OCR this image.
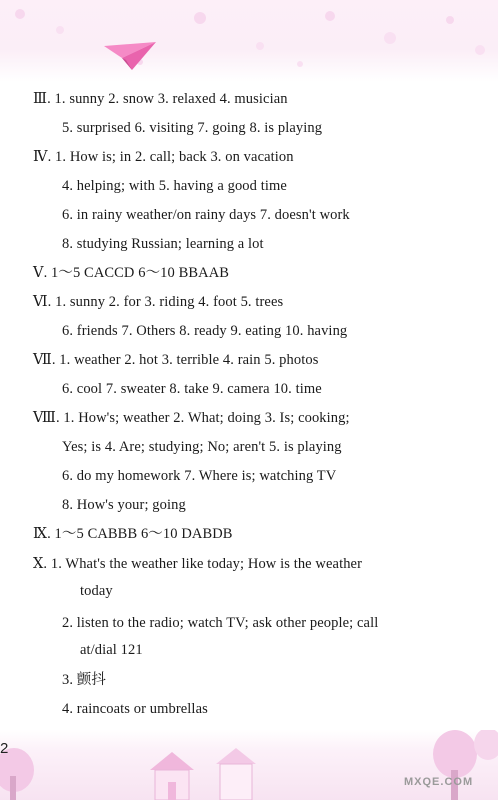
Ⅲ. 1. sunny 2. snow 3. relaxed 4. musician
5. surprised 6. visiting 7. going 8. is playing
Ⅳ. 1. How is; in 2. call; back 3. on vacation
4. helping; with 5. having a good time
6. in rainy weather/on rainy days 7. doesn't work
8. studying Russian; learning a lot
Ⅴ. 1～5 CACCD 6～10 BBAAB
Ⅵ. 1. sunny 2. for 3. riding 4. foot 5. trees
6. friends 7. Others 8. ready 9. eating 10. having
Ⅶ. 1. weather 2. hot 3. terrible 4. rain 5. photos
6. cool 7. sweater 8. take 9. camera 10. time
Ⅷ. 1. How's; weather 2. What; doing 3. Is; cooking;
Yes; is 4. Are; studying; No; aren't 5. is playing
6. do my homework 7. Where is; watching TV
8. How's your; going
Ⅸ. 1～5 CABBB 6～10 DABDB
Ⅹ. 1. What's the weather like today; How is the weather
today
2. listen to the radio; watch TV; ask other people; call
at/dial 121
3. 颤抖
4. raincoats or umbrellas
2
MXQE.COM
